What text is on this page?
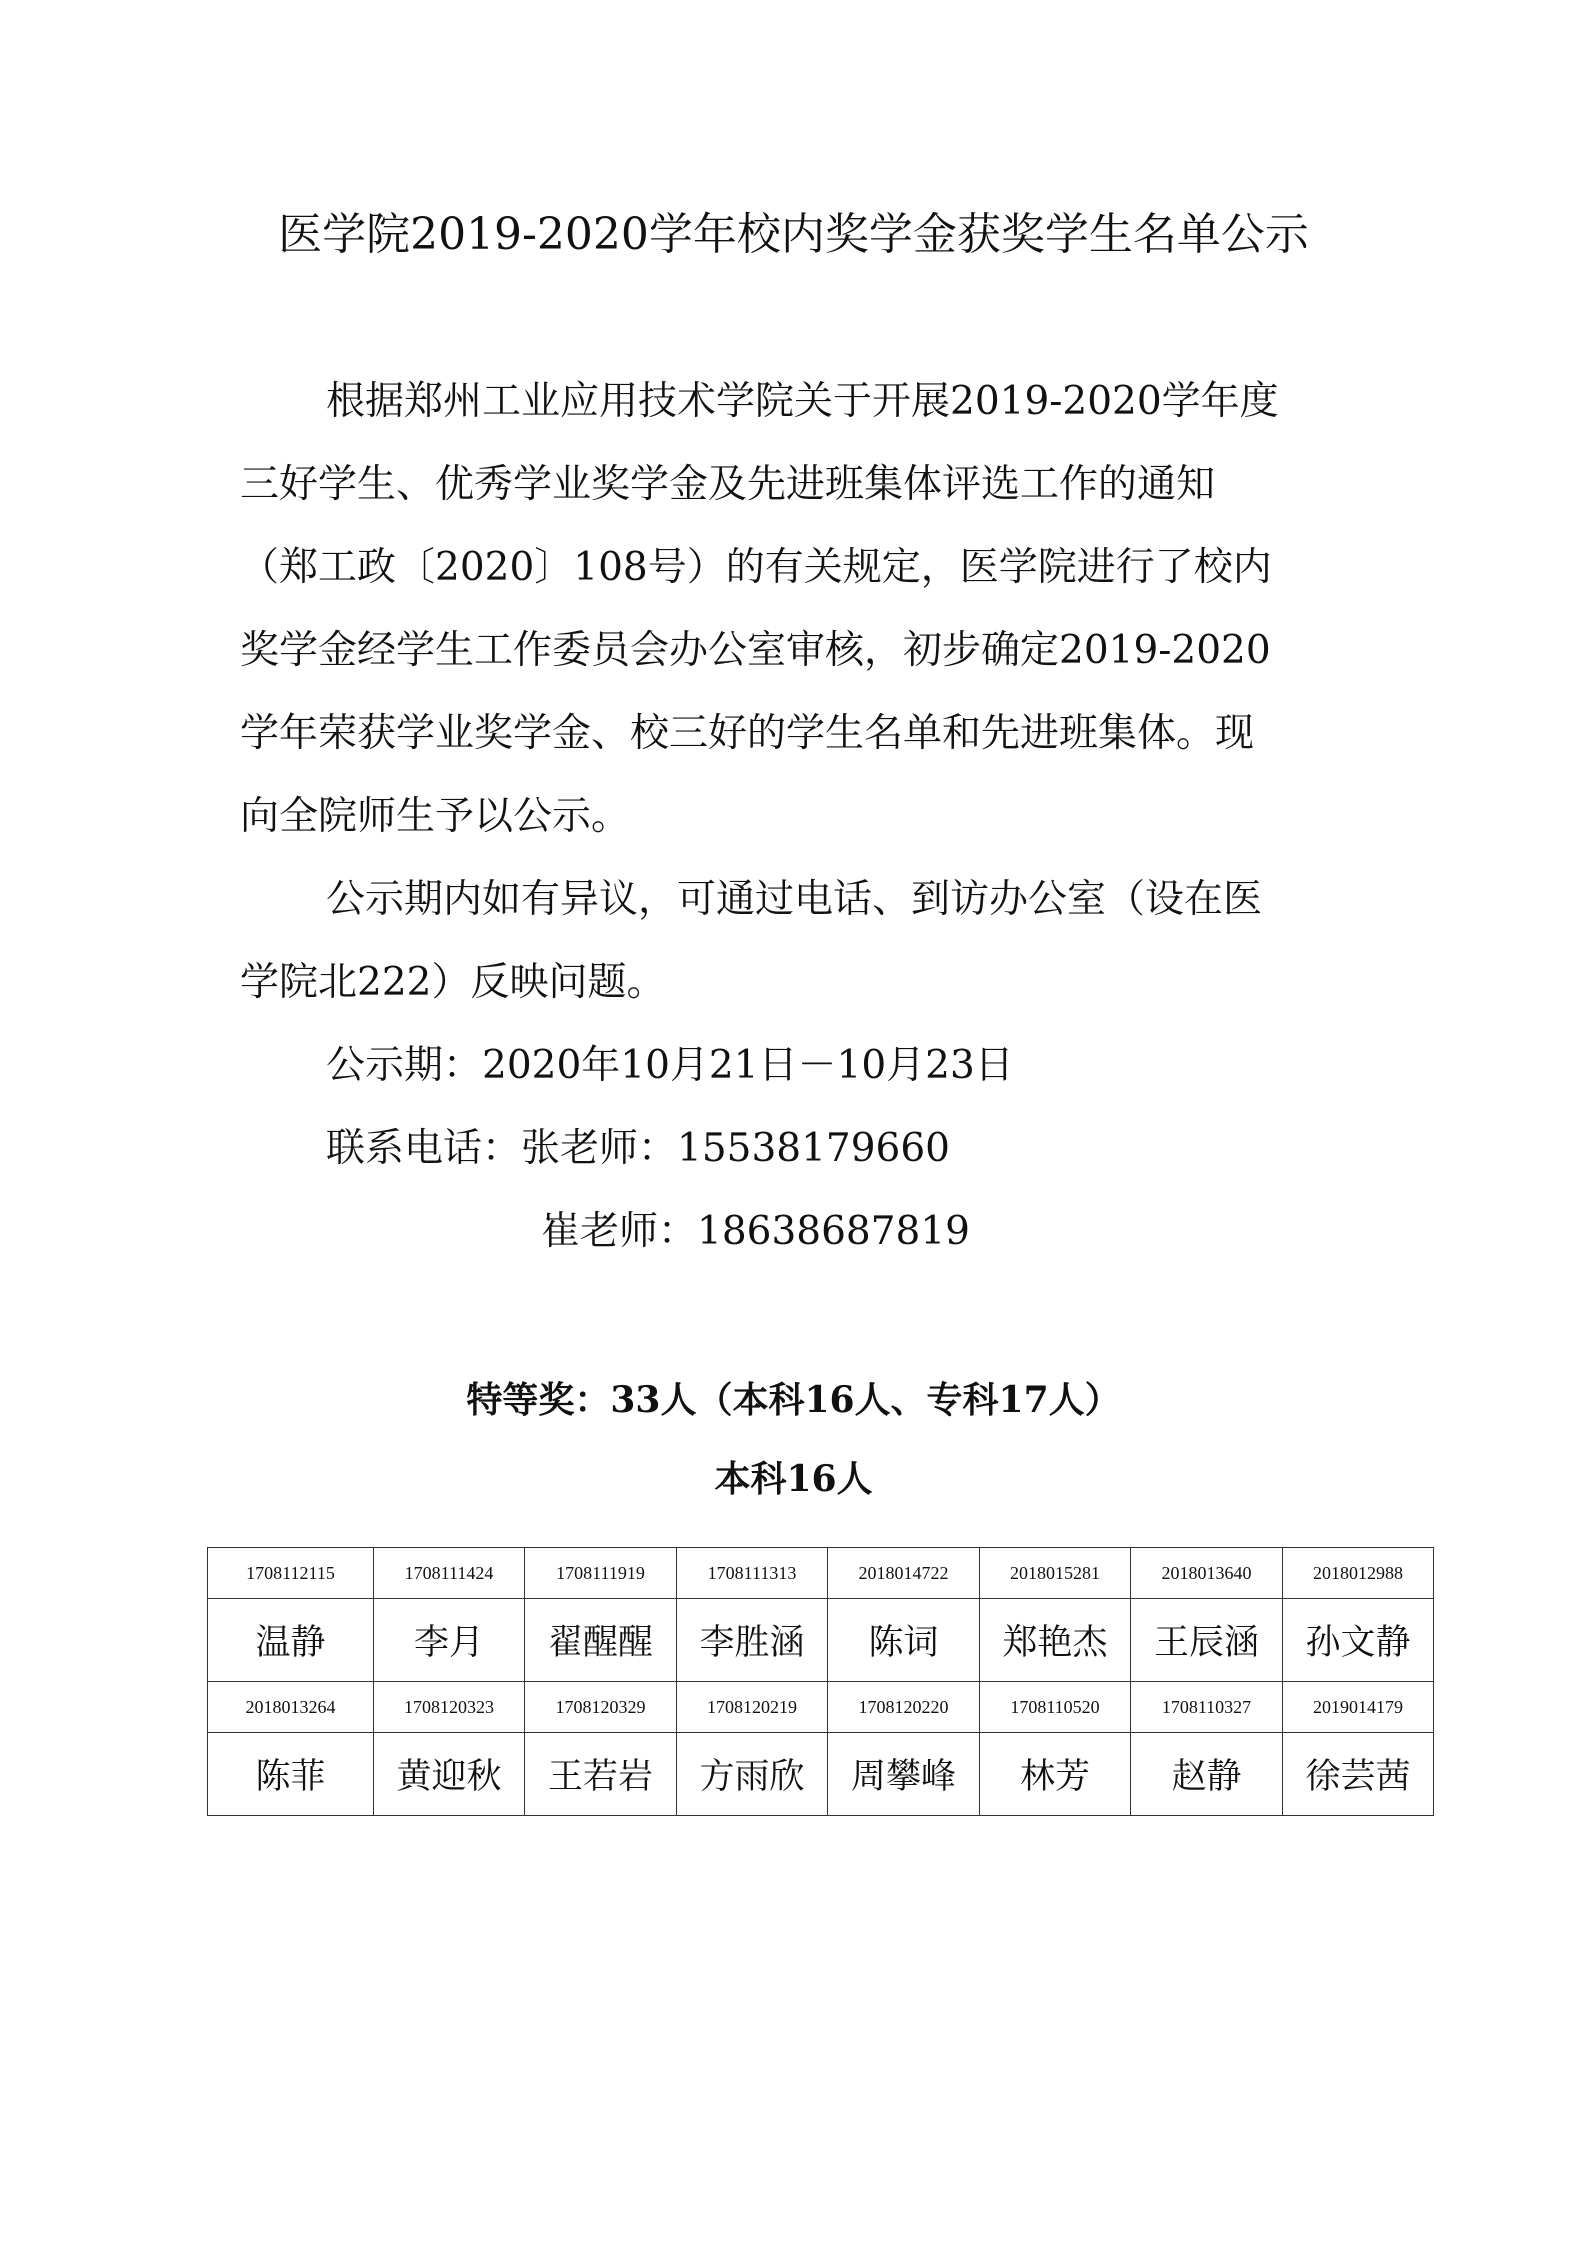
医学院2019-2020学年校内奖学金获奖学生名单公示

根据郑州工业应用技术学院关于开展2019-2020学年度

三好学生、优秀学业奖学金及先进班集体评选工作的通知

（郑工政〔2020〕108号）的有关规定，医学院进行了校内

奖学金经学生工作委员会办公室审核，初步确定2019-2020

学年荣获学业奖学金、校三好的学生名单和先进班集体。现

向全院师生予以公示。

公示期内如有异议，可通过电话、到访办公室（设在医

学院北222）反映问题。

公示期：2020年10月21日－10月23日

联系电话：张老师：15538179660

崔老师：18638687819

特等奖：33人（本科16人、专科17人）
本科16人
1708112115	1708111424	1708111919	1708111313	2018014722	2018015281	2018013640	2018012988
温静	李月	翟醒醒	李胜涵	陈词	郑艳杰	王辰涵	孙文静
2018013264	1708120323	1708120329	1708120219	1708120220	1708110520	1708110327	2019014179
陈菲	黄迎秋	王若岩	方雨欣	周攀峰	林芳	赵静	徐芸茜
